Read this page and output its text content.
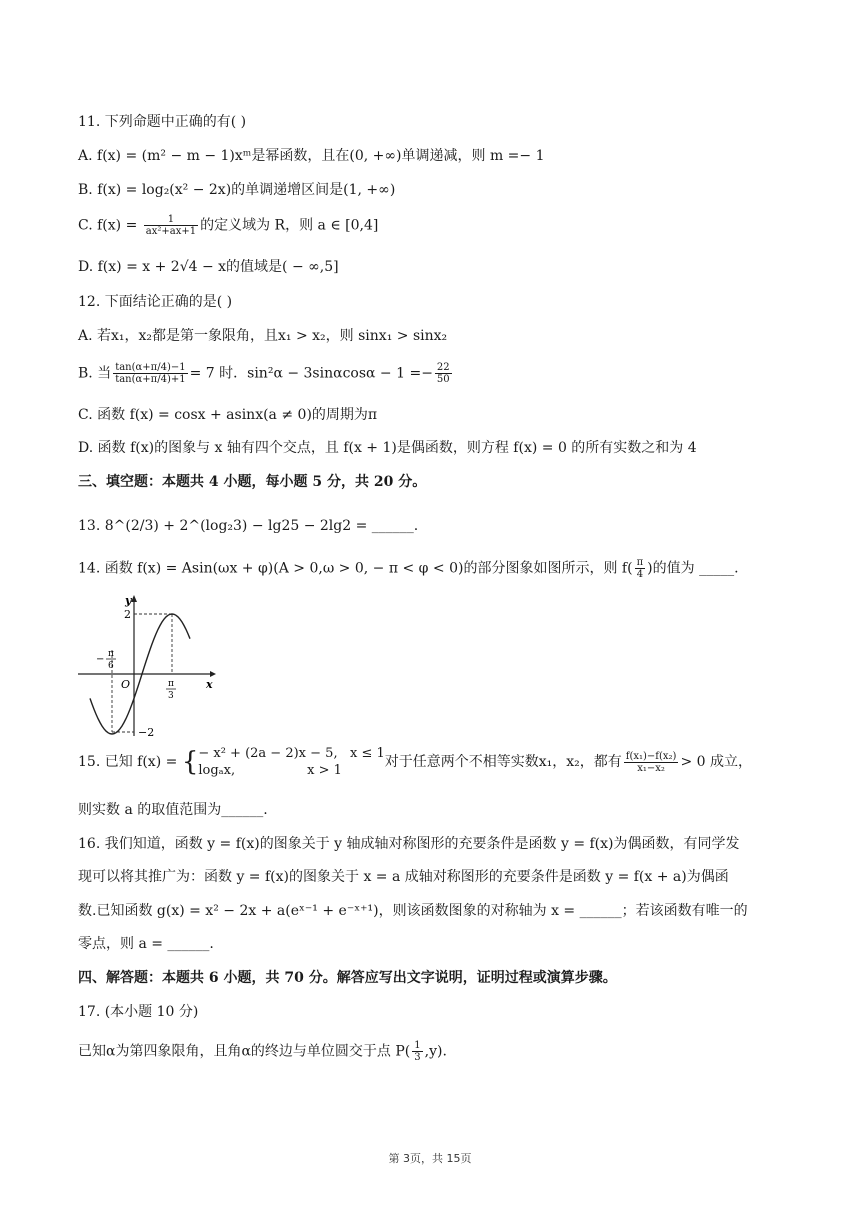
11. 下列命题中正确的有( )
A. f(x) = (m² − m − 1)xᵐ是幂函数，且在(0, +∞)单调递减，则 m =− 1
B. f(x) = log₂(x² − 2x)的单调递增区间是(1, +∞)
C. $f(x) = \frac{1}{\text{ax²+ax+1}}$ 的定义域为 R，则 a ∈ [0,4]
D. f(x) = x + 2√4 − x的值域是( − ∞,5]
12. 下面结论正确的是( )
A. 若x₁，x₂都是第一象限角，且x₁ > x₂，则 sinx₁ > sinx₂
B. 当 $\frac{\tan(\alpha+\pi/4)-1}{\tan(\alpha+\pi/4)+1} = 7$ 时．$\sin^2\alpha - 3\sin\alpha\cos\alpha - 1 =- \frac{22}{50}$
C. 函数 f(x) = cosx + asinx(a ≠ 0)的周期为π
D. 函数 f(x)的图象与 x 轴有四个交点，且 f(x + 1)是偶函数，则方程 f(x) = 0 的所有实数之和为 4
三、填空题：本题共 4 小题，每小题 5 分，共 20 分。
13. 8^(2/3) + 2^(log₂3) − lg25 − 2lg2 = ______.
14. 函数 f(x) = Asin(ωx + φ)(A > 0,ω > 0, − π < φ < 0)的部分图象如图所示，则 $f( \frac{\pi}{4}$ )的值为 _____.
y
x
O
2
−2
− π
6
π
3
15. 已知 f(x) = { − x² + (2a − 2)x − 5, x ≤ 1
logₐx,	x > 1
对于任意两个不相等实数x₁，x₂，都有 $\frac{\text{f(x₁)−f(x₂)}}{\text{x₁−x₂}} > 0$ 成立，
则实数 a 的取值范围为______.
16. 我们知道，函数 y = f(x)的图象关于 y 轴成轴对称图形的充要条件是函数 y = f(x)为偶函数，有同学发
现可以将其推广为：函数 y = f(x)的图象关于 x = a 成轴对称图形的充要条件是函数 y = f(x + a)为偶函
数.已知函数 g(x) = x² − 2x + a(eˣ⁻¹ + e⁻ˣ⁺¹)，则该函数图象的对称轴为 x = ______；若该函数有唯一的
零点，则 a = ______.
四、解答题：本题共 6 小题，共 70 分。解答应写出文字说明，证明过程或演算步骤。
17. (本小题 10 分)
已知α为第四象限角，且角α的终边与单位圆交于点 $P( \frac{1}{3} ,y)$.
第 3页，共 15页
